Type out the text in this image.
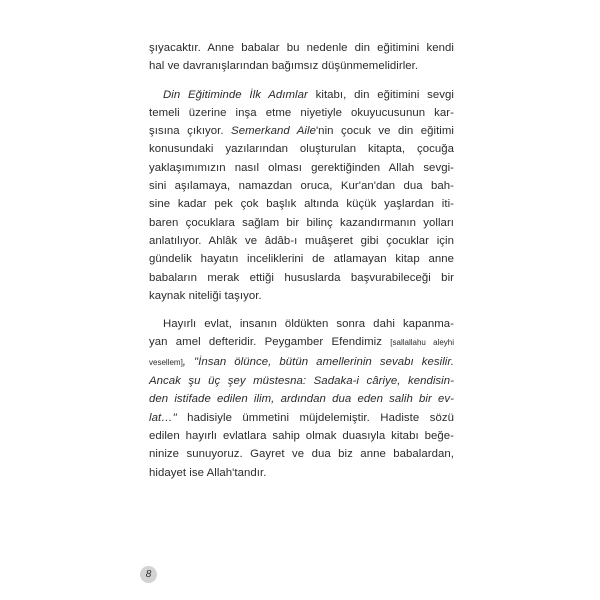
şıyacaktır. Anne babalar bu nedenle din eğitimini kendi
hal ve davranışlarından bağımsız düşünmemelidirler.
Din Eğitiminde İlk Adımlar kitabı, din eğitimini sevgi
temeli üzerine inşa etme niyetiyle okuyucusunun kar-
şısına çıkıyor. Semerkand Aile'nin çocuk ve din eğitimi
konusundaki yazılarından oluşturulan kitapta, çocuğa
yaklaşımımızın nasıl olması gerektiğinden Allah sevgi-
sini aşılamaya, namazdan oruca, Kur'an'dan dua bah-
sine kadar pek çok başlık altında küçük yaşlardan iti-
baren çocuklara sağlam bir bilinç kazandırmanın yolları
anlatılıyor. Ahlâk ve âdâb-ı muâşeret gibi çocuklar için
gündelik hayatın inceliklerini de atlamayan kitap anne
babaların merak ettiği hususlarda başvurabileceği bir
kaynak niteliği taşıyor.
Hayırlı evlat, insanın öldükten sonra dahi kapanma-
yan amel defteridir. Peygamber Efendimiz [sallallahu aleyhi
vesellem], "İnsan ölünce, bütün amellerinin sevabı kesilir.
Ancak şu üç şey müstesna: Sadaka-i câriye, kendisin-
den istifade edilen ilim, ardından dua eden salih bir ev-
lat…" hadisiyle ümmetini müjdelemiştir. Hadiste sözü
edilen hayırlı evlatlara sahip olmak duasıyla kitabı beğe-
ninize sunuyoruz. Gayret ve dua biz anne babalardan,
hidayet ise Allah'tandır.
8
